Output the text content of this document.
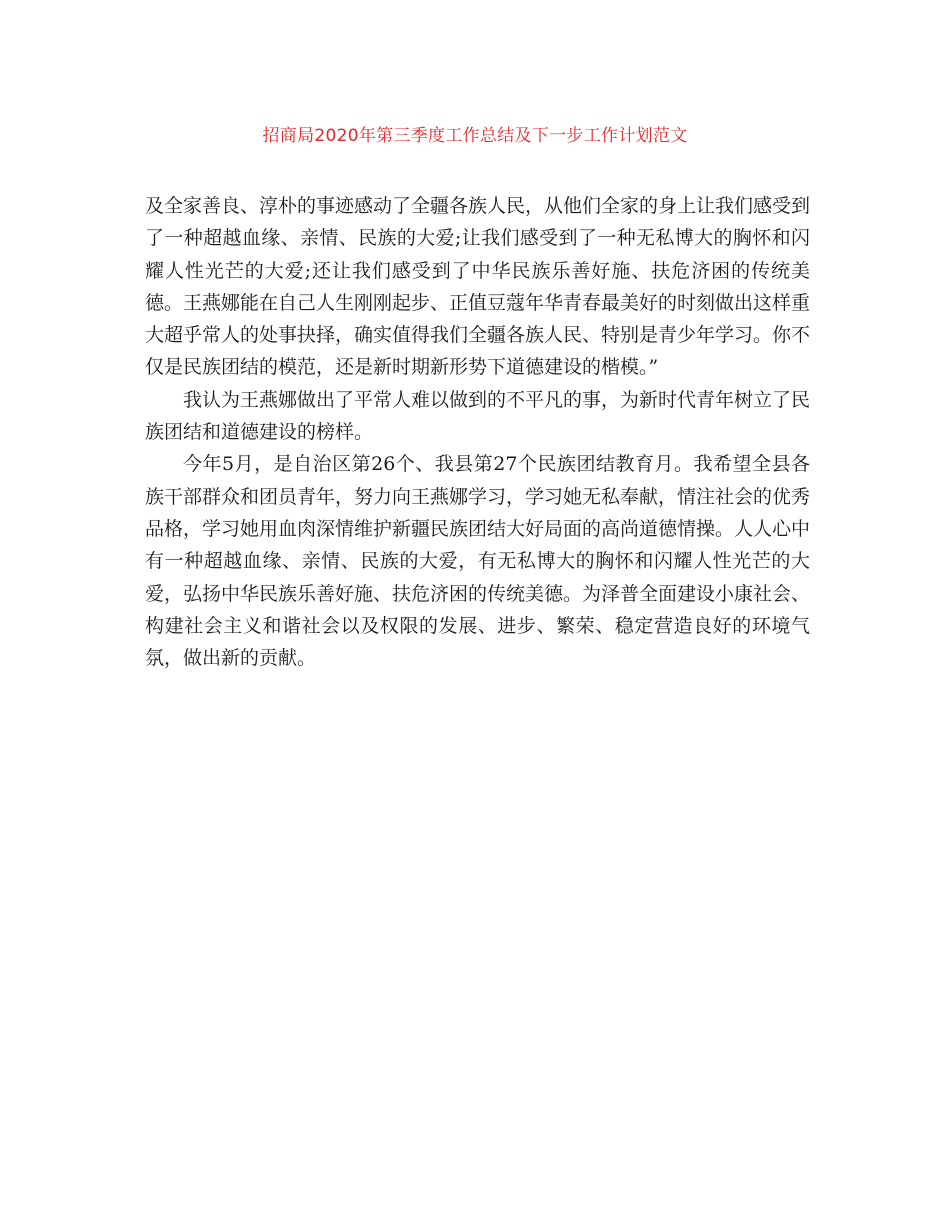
招商局2020年第三季度工作总结及下一步工作计划范文

及全家善良、淳朴的事迹感动了全疆各族人民，从他们全家的身上让我们感受到了一种超越血缘、亲情、民族的大爱;让我们感受到了一种无私博大的胸怀和闪耀人性光芒的大爱;还让我们感受到了中华民族乐善好施、扶危济困的传统美德。王燕娜能在自己人生刚刚起步、正值豆蔻年华青春最美好的时刻做出这样重大超乎常人的处事抉择，确实值得我们全疆各族人民、特别是青少年学习。你不仅是民族团结的模范，还是新时期新形势下道德建设的楷模。”

我认为王燕娜做出了平常人难以做到的不平凡的事，为新时代青年树立了民族团结和道德建设的榜样。

今年5月，是自治区第26个、我县第27个民族团结教育月。我希望全县各族干部群众和团员青年，努力向王燕娜学习，学习她无私奉献，情注社会的优秀品格，学习她用血肉深情维护新疆民族团结大好局面的高尚道德情操。人人心中有一种超越血缘、亲情、民族的大爱，有无私博大的胸怀和闪耀人性光芒的大爱，弘扬中华民族乐善好施、扶危济困的传统美德。为泽普全面建设小康社会、构建社会主义和谐社会以及权限的发展、进步、繁荣、稳定营造良好的环境气氛，做出新的贡献。
